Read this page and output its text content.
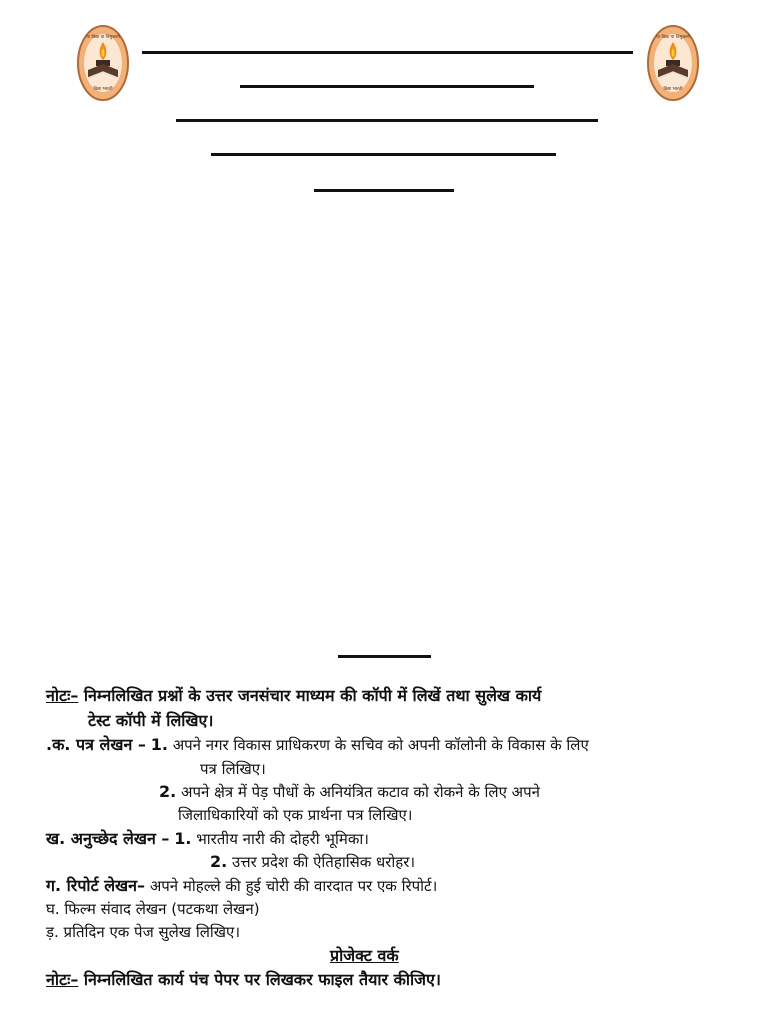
या विद्या या विमुक्तये
विद्या भारती
या विद्या या विमुक्तये
विद्या भारती
नोटः– निम्नलिखित प्रश्नों के उत्तर जनसंचार माध्यम की कॉपी में लिखें तथा सुलेख कार्य
टेस्ट कॉपी में लिखिए।
.क. पत्र लेखन – 1. अपने नगर विकास प्राधिकरण के सचिव को अपनी कॉलोनी के विकास के लिए
पत्र लिखिए।
2. अपने क्षेत्र में पेड़ पौधों के अनियंत्रित कटाव को रोकने के लिए अपने
जिलाधिकारियों को एक प्रार्थना पत्र लिखिए।
ख. अनुच्छेद लेखन – 1. भारतीय नारी की दोहरी भूमिका।
2. उत्तर प्रदेश की ऐतिहासिक धरोहर।
ग. रिपोर्ट लेखन– अपने मोहल्ले की हुई चोरी की वारदात पर एक रिपोर्ट।
घ. फिल्म संवाद लेखन (पटकथा लेखन)
ड़. प्रतिदिन एक पेज सुलेख लिखिए।
प्रोजेक्ट वर्क
नोटः– निम्नलिखित कार्य पंच पेपर पर लिखकर फाइल तैयार कीजिए।
